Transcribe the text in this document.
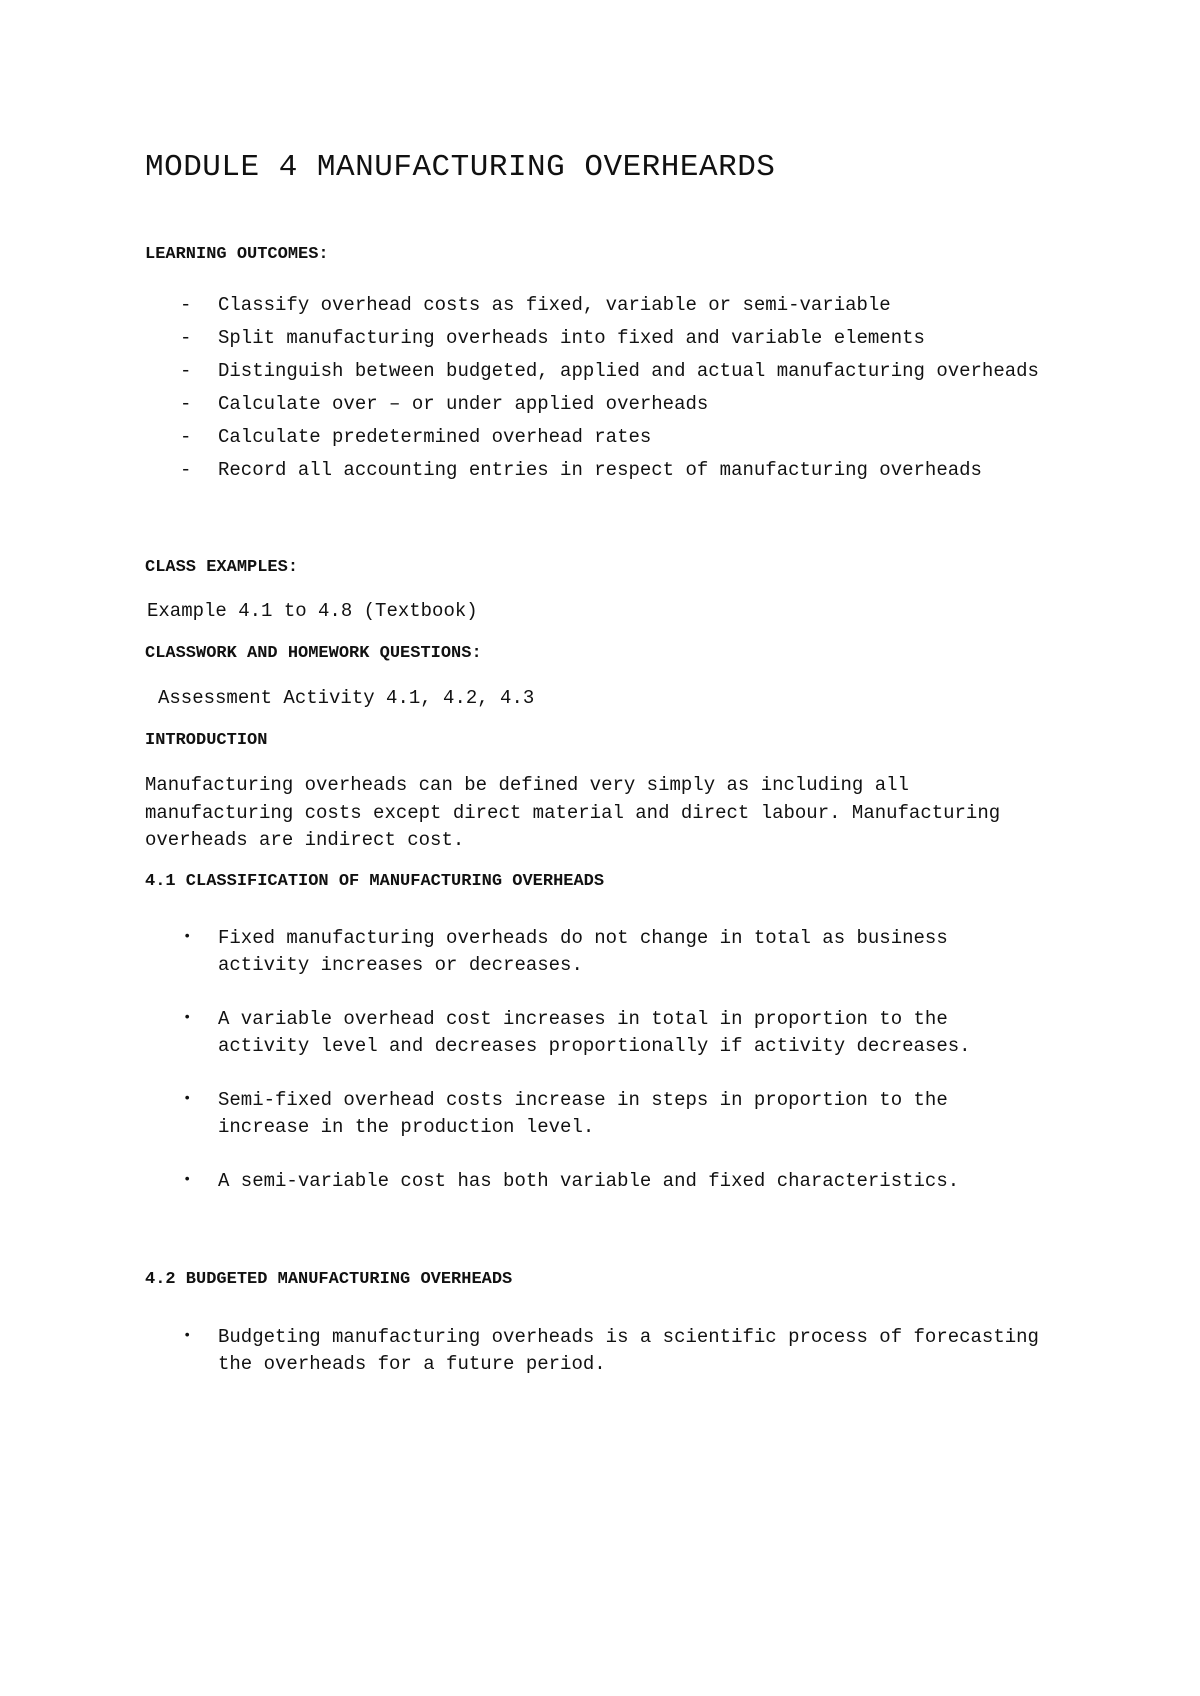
MODULE 4 MANUFACTURING OVERHEARDS
LEARNING OUTCOMES:
- Classify overhead costs as fixed, variable or semi-variable
- Split manufacturing overheads into fixed and variable elements
- Distinguish between budgeted, applied and actual manufacturing overheads
- Calculate over – or under applied overheads
- Calculate predetermined overhead rates
- Record all accounting entries in respect of manufacturing overheads
CLASS EXAMPLES:

Example 4.1 to 4.8 (Textbook)

CLASSWORK AND HOMEWORK QUESTIONS:

Assessment Activity 4.1, 4.2, 4.3

INTRODUCTION

Manufacturing overheads can be defined very simply as including all manufacturing costs except direct material and direct labour. Manufacturing overheads are indirect cost.

4.1 CLASSIFICATION OF MANUFACTURING OVERHEADS
• Fixed manufacturing overheads do not change in total as business activity increases or decreases.
• A variable overhead cost increases in total in proportion to the activity level and decreases proportionally if activity decreases.
• Semi-fixed overhead costs increase in steps in proportion to the increase in the production level.
• A semi-variable cost has both variable and fixed characteristics.
4.2 BUDGETED MANUFACTURING OVERHEADS
• Budgeting manufacturing overheads is a scientific process of forecasting the overheads for a future period.
